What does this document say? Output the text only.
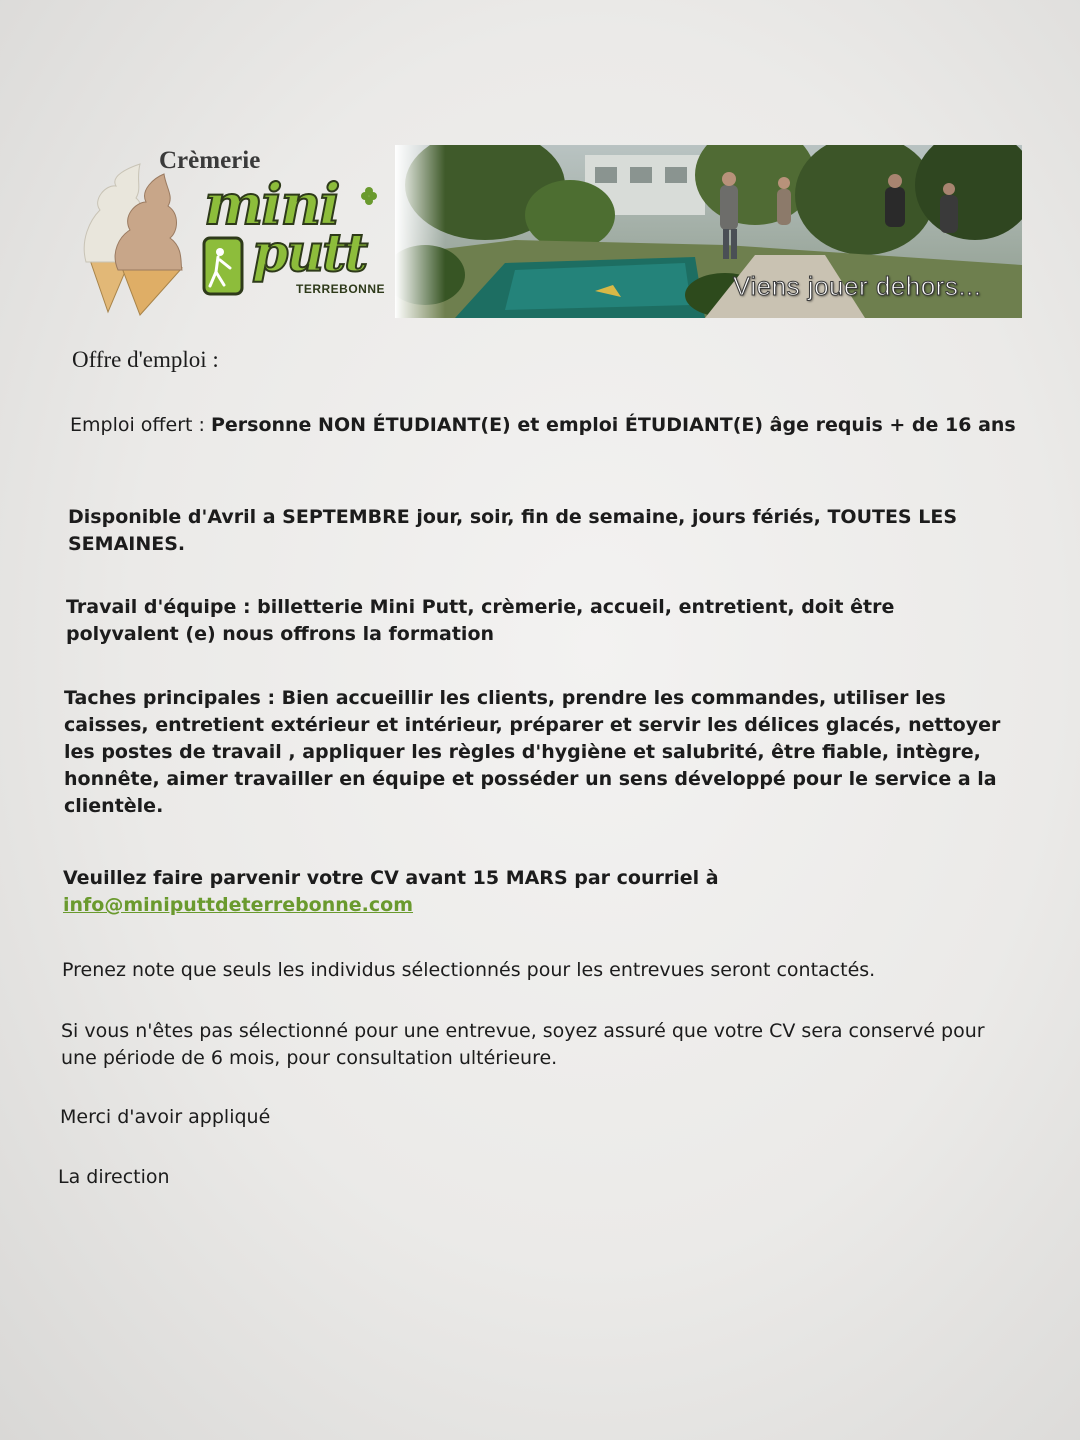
Crèmerie
mini
putt
TERREBONNE	Viens jouer dehors...

Offre d'emploi :

Emploi offert : Personne NON ÉTUDIANT(E) et emploi ÉTUDIANT(E) âge requis + de 16 ans

Disponible d'Avril a SEPTEMBRE jour, soir, fin de semaine, jours fériés, TOUTES LES SEMAINES.

Travail d'équipe : billetterie Mini Putt, crèmerie, accueil, entretient, doit être polyvalent (e) nous offrons la formation

Taches principales : Bien accueillir les clients, prendre les commandes, utiliser les caisses, entretient extérieur et intérieur, préparer et servir les délices glacés, nettoyer les postes de travail , appliquer les règles d'hygiène et salubrité, être fiable, intègre, honnête, aimer travailler en équipe et posséder un sens développé pour le service a la clientèle.

Veuillez faire parvenir votre CV avant 15 MARS par courriel à

info@miniputtdeterrebonne.com

Prenez note que seuls les individus sélectionnés pour les entrevues seront contactés.

Si vous n'êtes pas sélectionné pour une entrevue, soyez assuré que votre CV sera conservé pour une période de 6 mois, pour consultation ultérieure.

Merci d'avoir appliqué

La direction
